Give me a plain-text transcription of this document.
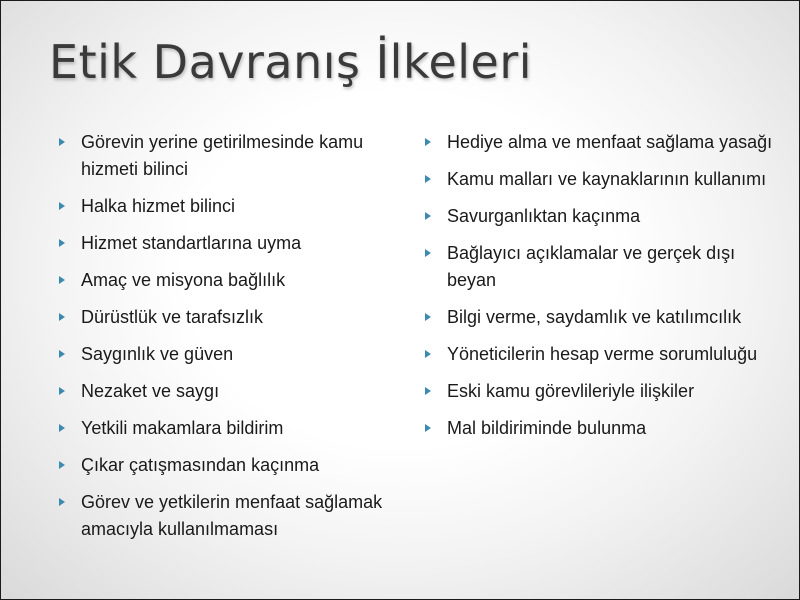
Etik Davranış İlkeleri
Görevin yerine getirilmesinde kamu hizmeti bilinci
Halka hizmet bilinci
Hizmet standartlarına uyma
Amaç ve misyona bağlılık
Dürüstlük ve tarafsızlık
Saygınlık ve güven
Nezaket ve saygı
Yetkili makamlara bildirim
Çıkar çatışmasından kaçınma
Görev ve yetkilerin menfaat sağlamak amacıyla kullanılmaması
Hediye alma ve menfaat sağlama yasağı
Kamu malları ve kaynaklarının kullanımı
Savurganlıktan kaçınma
Bağlayıcı açıklamalar ve gerçek dışı beyan
Bilgi verme, saydamlık ve katılımcılık
Yöneticilerin hesap verme sorumluluğu
Eski kamu görevlileriyle ilişkiler
Mal bildiriminde bulunma
